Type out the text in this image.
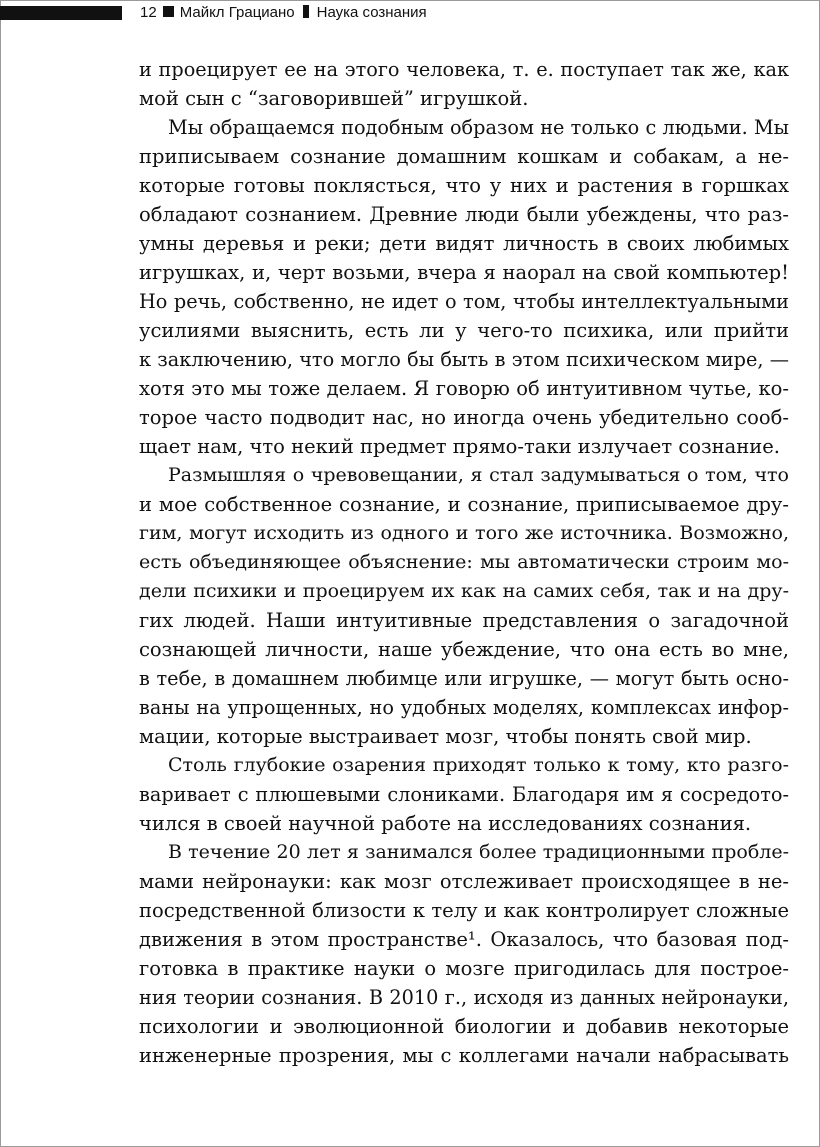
12 Майкл Грациано Наука сознания
и проецирует ее на этого человека, т. е. поступает так же, как
мой сын с “заговорившей” игрушкой.
Мы обращаемся подобным образом не только с людьми. Мы
приписываем сознание домашним кошкам и собакам, а не-
которые готовы поклясться, что у них и растения в горшках
обладают сознанием. Древние люди были убеждены, что раз-
умны деревья и реки; дети видят личность в своих любимых
игрушках, и, черт возьми, вчера я наорал на свой компьютер!
Но речь, собственно, не идет о том, чтобы интеллектуальными
усилиями выяснить, есть ли у чего-то психика, или прийти
к заключению, что могло бы быть в этом психическом мире, —
хотя это мы тоже делаем. Я говорю об интуитивном чутье, ко-
торое часто подводит нас, но иногда очень убедительно сооб-
щает нам, что некий предмет прямо-таки излучает сознание.
Размышляя о чревовещании, я стал задумываться о том, что
и мое собственное сознание, и сознание, приписываемое дру-
гим, могут исходить из одного и того же источника. Возможно,
есть объединяющее объяснение: мы автоматически строим мо-
дели психики и проецируем их как на самих себя, так и на дру-
гих людей. Наши интуитивные представления о загадочной
сознающей личности, наше убеждение, что она есть во мне,
в тебе, в домашнем любимце или игрушке, — могут быть осно-
ваны на упрощенных, но удобных моделях, комплексах инфор-
мации, которые выстраивает мозг, чтобы понять свой мир.
Столь глубокие озарения приходят только к тому, кто разго-
варивает с плюшевыми слониками. Благодаря им я сосредото-
чился в своей научной работе на исследованиях сознания.
В течение 20 лет я занимался более традиционными пробле-
мами нейронауки: как мозг отслеживает происходящее в не-
посредственной близости к телу и как контролирует сложные
движения в этом пространстве¹. Оказалось, что базовая под-
готовка в практике науки о мозге пригодилась для построе-
ния теории сознания. В 2010 г., исходя из данных нейронауки,
психологии и эволюционной биологии и добавив некоторые
инженерные прозрения, мы с коллегами начали набрасывать
